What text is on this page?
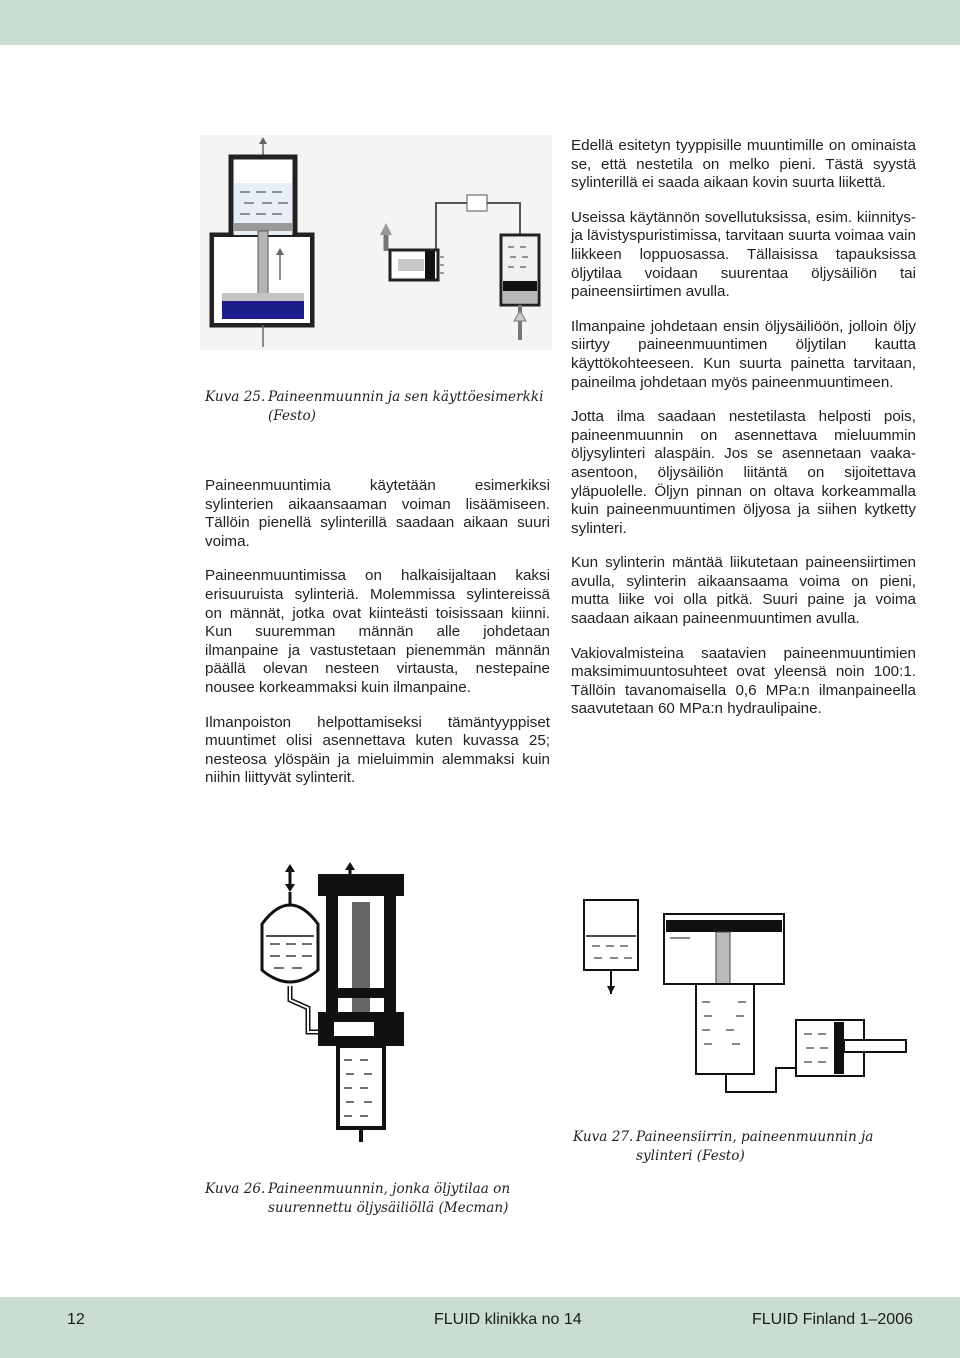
Kuva 25. Paineenmuunnin ja sen käyttöesimerkki
(Festo)

Paineenmuuntimia käytetään esimerkiksi sylinterien aikaansaaman voiman lisäämiseen. Tällöin pienellä sylinterillä saadaan aikaan suuri voima.

Paineenmuuntimissa on halkaisijaltaan kaksi erisuuruista sylinteriä. Molemmissa sylintereissä on männät, jotka ovat kiinteästi toisissaan kiinni. Kun suuremman männän alle johdetaan ilmanpaine ja vastustetaan pienemmän männän päällä olevan nesteen virtausta, nestepaine nousee korkeammaksi kuin ilmanpaine.

Ilmanpoiston helpottamiseksi tämäntyyppiset muuntimet olisi asennettava kuten kuvassa 25; nesteosa ylöspäin ja mieluimmin alemmaksi kuin niihin liittyvät sylinterit.

Edellä esitetyn tyyppisille muuntimille on ominaista se, että nestetila on melko pieni. Tästä syystä sylinterillä ei saada aikaan kovin suurta liikettä.

Useissa käytännön sovellutuksissa, esim. kiinnitys- ja lävistyspuristimissa, tarvitaan suurta voimaa vain liikkeen loppuosassa. Tällaisissa tapauksissa öljytilaa voidaan suurentaa öljysäiliön tai paineensiirtimen avulla.

Ilmanpaine johdetaan ensin öljysäiliöön, jolloin öljy siirtyy paineenmuuntimen öljytilan kautta käyttökohteeseen. Kun suurta painetta tarvitaan, paineilma johdetaan myös paineenmuuntimeen.

Jotta ilma saadaan nestetilasta helposti pois, paineenmuunnin on asennettava mieluummin öljysylinteri alaspäin. Jos se asennetaan vaaka-asentoon, öljysäiliön liitäntä on sijoitettava yläpuolelle. Öljyn pinnan on oltava korkeammalla kuin paineenmuuntimen öljyosa ja siihen kytketty sylinteri.

Kun sylinterin mäntää liikutetaan paineensiirtimen avulla, sylinterin aikaansaama voima on pieni, mutta liike voi olla pitkä. Suuri paine ja voima saadaan aikaan paineenmuuntimen avulla.

Vakiovalmisteina saatavien paineenmuuntimien maksimimuuntosuhteet ovat yleensä noin 100:1. Tällöin tavanomaisella 0,6 MPa:n ilmanpaineella saavutetaan 60 MPa:n hydraulipaine.

Kuva 26. Paineenmuunnin, jonka öljytilaa on
suurennettu öljysäiliöllä (Mecman)
Kuva 27. Paineensiirrin, paineenmuunnin ja
sylinteri (Festo)
12	FLUID klinikka no 14	FLUID Finland 1–2006
